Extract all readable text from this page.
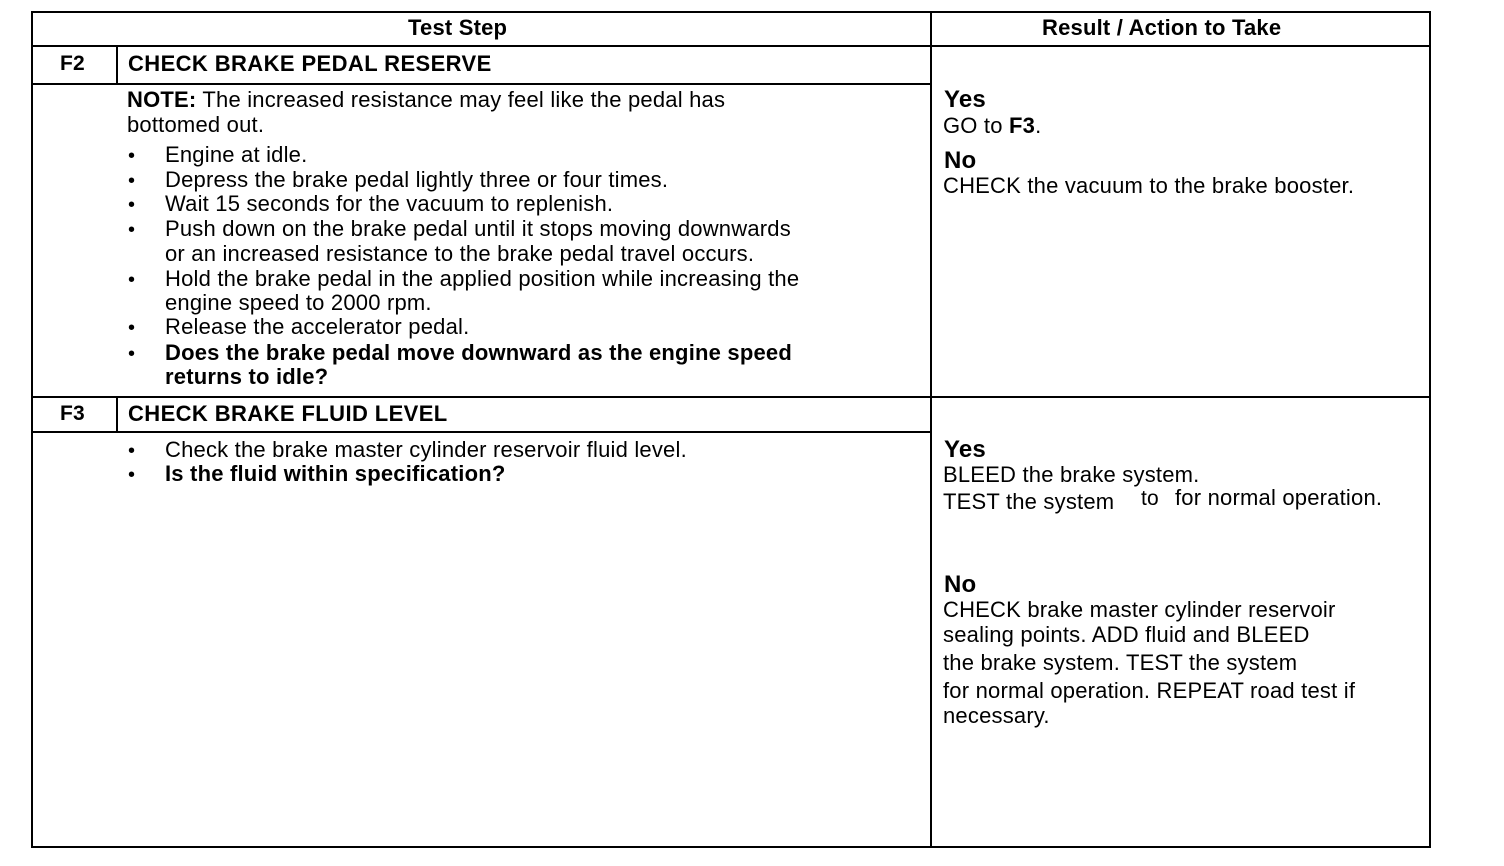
Test Step	Result / Action to Take
F2 CHECK BRAKE PEDAL RESERVE
NOTE: The increased resistance may feel like the pedal has
bottomed out.
• Engine at idle.
• Depress the brake pedal lightly three or four times.
• Wait 15 seconds for the vacuum to replenish.
• Push down on the brake pedal until it stops moving downwards
or an increased resistance to the brake pedal travel occurs.
• Hold the brake pedal in the applied position while increasing the
engine speed to 2000 rpm.
• Release the accelerator pedal.
• Does the brake pedal move downward as the engine speed
returns to idle?
Yes
GO to F3.
No
CHECK the vacuum to the brake booster.
F3 CHECK BRAKE FLUID LEVEL
• Check the brake master cylinder reservoir fluid level.
• Is the fluid within specification?
Yes
BLEED the brake system.
TEST the system to for normal operation.
No
CHECK brake master cylinder reservoir
sealing points. ADD fluid and BLEED
the brake system. TEST the system
for normal operation. REPEAT road test if
necessary.
